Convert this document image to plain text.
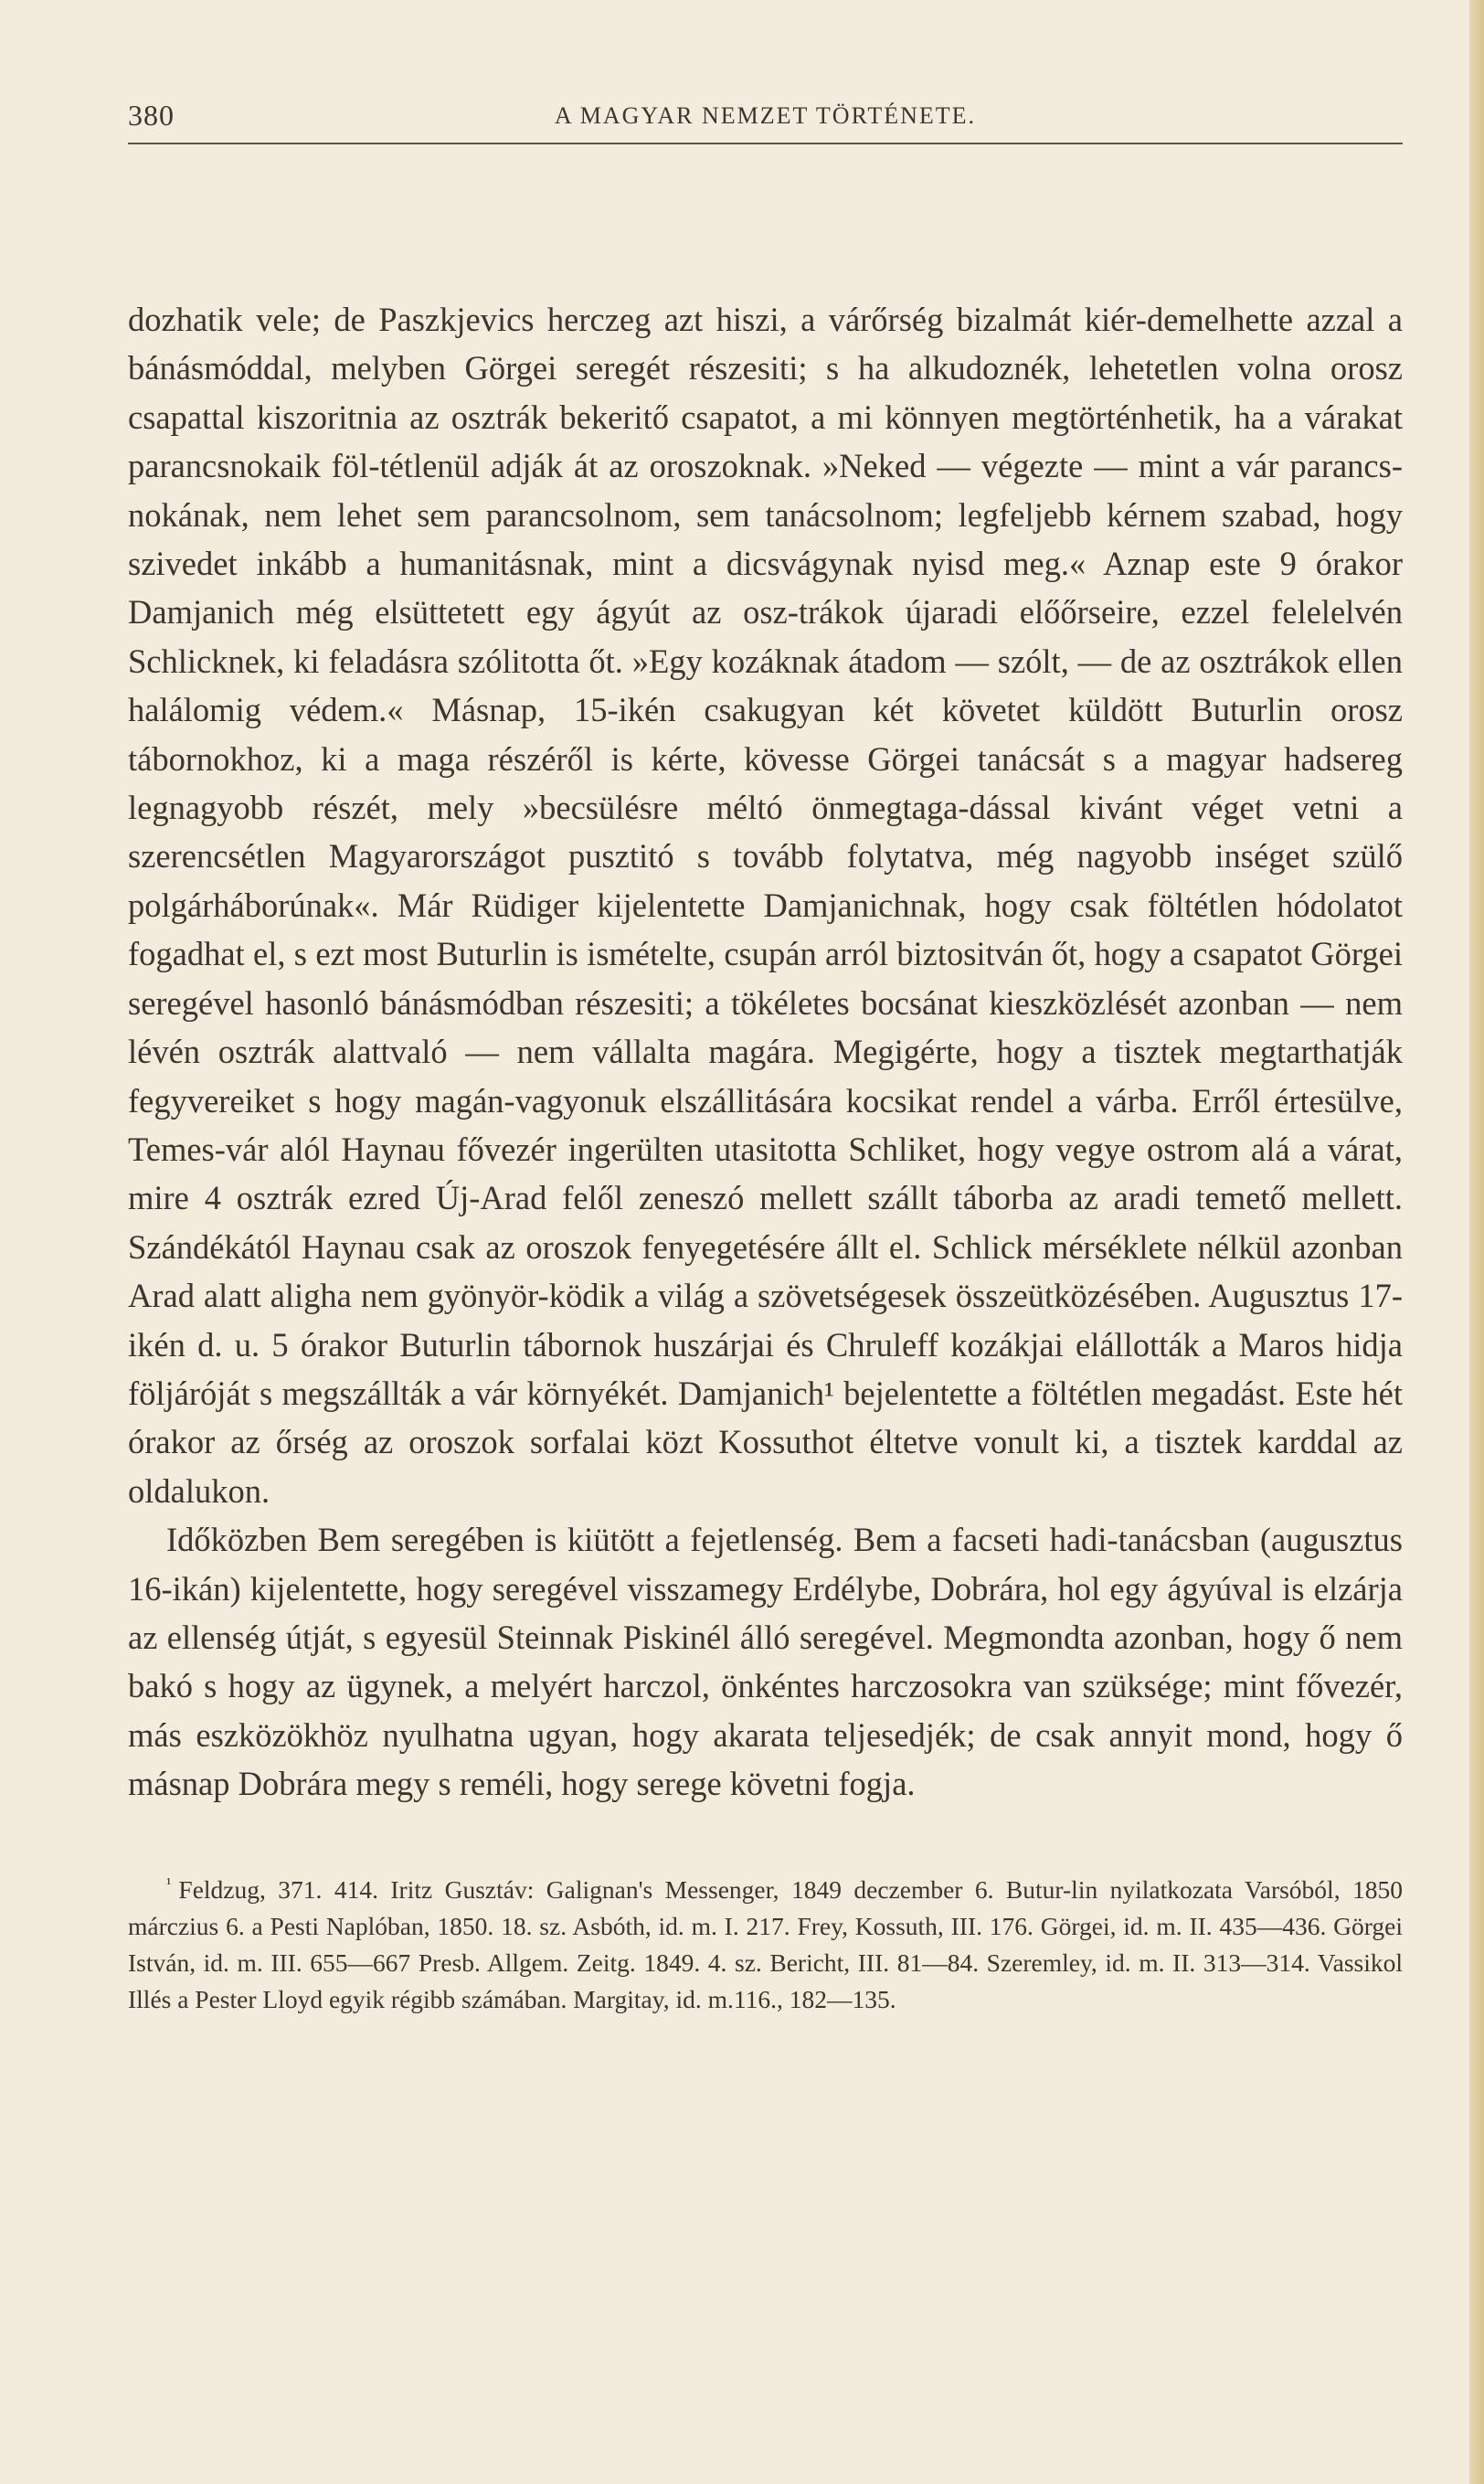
380	A MAGYAR NEMZET TÖRTÉNETE.

dozhatik vele; de Paszkjevics herczeg azt hiszi, a várőrség bizalmát kiér-demelhette azzal a bánásmóddal, melyben Görgei seregét részesiti; s ha alkudoznék, lehetetlen volna orosz csapattal kiszoritnia az osztrák bekeritő csapatot, a mi könnyen megtörténhetik, ha a várakat parancsnokaik föl-tétlenül adják át az oroszoknak. »Neked — végezte — mint a vár parancs-nokának, nem lehet sem parancsolnom, sem tanácsolnom; legfeljebb kérnem szabad, hogy szivedet inkább a humanitásnak, mint a dicsvágynak nyisd meg.« Aznap este 9 órakor Damjanich még elsüttetett egy ágyút az osz-trákok újaradi előőrseire, ezzel felelelvén Schlicknek, ki feladásra szólitotta őt. »Egy kozáknak átadom — szólt, — de az osztrákok ellen halálomig védem.« Másnap, 15-ikén csakugyan két követet küldött Buturlin orosz tábornokhoz, ki a maga részéről is kérte, kövesse Görgei tanácsát s a magyar hadsereg legnagyobb részét, mely »becsülésre méltó önmegtaga-dással kivánt véget vetni a szerencsétlen Magyarországot pusztitó s tovább folytatva, még nagyobb inséget szülő polgárháborúnak«. Már Rüdiger kijelentette Damjanichnak, hogy csak föltétlen hódolatot fogadhat el, s ezt most Buturlin is ismételte, csupán arról biztositván őt, hogy a csapatot Görgei seregével hasonló bánásmódban részesiti; a tökéletes bocsánat kieszközlését azonban — nem lévén osztrák alattvaló — nem vállalta magára. Megigérte, hogy a tisztek megtarthatják fegyvereiket s hogy magán-vagyonuk elszállitására kocsikat rendel a várba. Erről értesülve, Temes-vár alól Haynau fővezér ingerülten utasitotta Schliket, hogy vegye ostrom alá a várat, mire 4 osztrák ezred Új-Arad felől zeneszó mellett szállt táborba az aradi temető mellett. Szándékától Haynau csak az oroszok fenyegetésére állt el. Schlick mérséklete nélkül azonban Arad alatt aligha nem gyönyör-ködik a világ a szövetségesek összeütközésében. Augusztus 17-ikén d. u. 5 órakor Buturlin tábornok huszárjai és Chruleff kozákjai elállották a Maros hidja följáróját s megszállták a vár környékét. Damjanich¹ bejelentette a föltétlen megadást. Este hét órakor az őrség az oroszok sorfalai közt Kossuthot éltetve vonult ki, a tisztek karddal az oldalukon.

Időközben Bem seregében is kiütött a fejetlenség. Bem a facseti hadi-tanácsban (augusztus 16-ikán) kijelentette, hogy seregével visszamegy Erdélybe, Dobrára, hol egy ágyúval is elzárja az ellenség útját, s egyesül Steinnak Piskinél álló seregével. Megmondta azonban, hogy ő nem bakó s hogy az ügynek, a melyért harczol, önkéntes harczosokra van szüksége; mint fővezér, más eszközökhöz nyulhatna ugyan, hogy akarata teljesedjék; de csak annyit mond, hogy ő másnap Dobrára megy s reméli, hogy serege követni fogja.

$^{^1}$ Feldzug, 371. 414. Iritz Gusztáv: Galignan's Messenger, 1849 deczember 6. Butur-lin nyilatkozata Varsóból, 1850 márczius 6. a Pesti Naplóban, 1850. 18. sz. Asbóth, id. m. I. 217. Frey, Kossuth, III. 176. Görgei, id. m. II. 435—436. Görgei István, id. m. III. 655—667 Presb. Allgem. Zeitg. 1849. 4. sz. Bericht, III. 81—84. Szeremley, id. m. II. 313—314. Vassikol Illés a Pester Lloyd egyik régibb számában. Margitay, id. m.116., 182—135.
